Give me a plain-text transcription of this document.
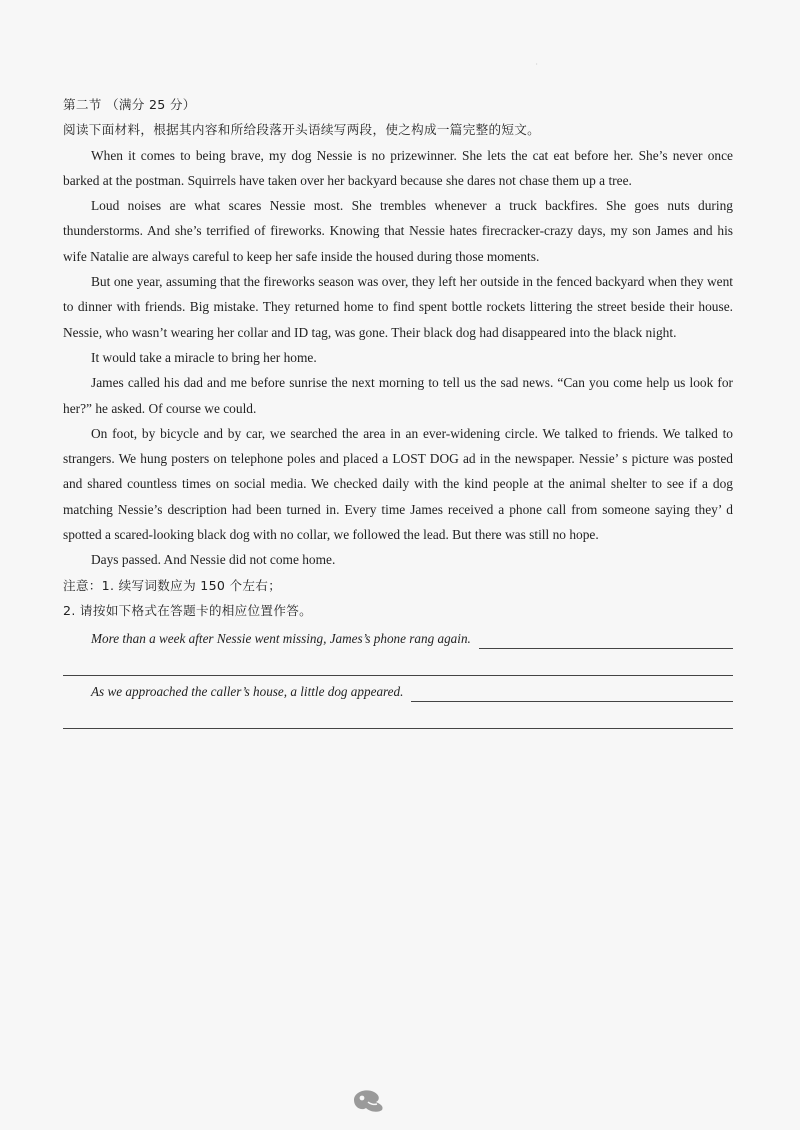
·

第二节 （满分 25 分）

阅读下面材料，根据其内容和所给段落开头语续写两段，使之构成一篇完整的短文。

When it comes to being brave, my dog Nessie is no prizewinner. She lets the cat eat before her. She’s never once barked at the postman. Squirrels have taken over her backyard because she dares not chase them up a tree.

Loud noises are what scares Nessie most. She trembles whenever a truck backfires. She goes nuts during thunderstorms. And she’s terrified of fireworks. Knowing that Nessie hates firecracker-crazy days, my son James and his wife Natalie are always careful to keep her safe inside the housed during those moments.

But one year, assuming that the fireworks season was over, they left her outside in the fenced backyard when they went to dinner with friends. Big mistake. They returned home to find spent bottle rockets littering the street beside their house. Nessie, who wasn’t wearing her collar and ID tag, was gone. Their black dog had disappeared into the black night.

It would take a miracle to bring her home.

James called his dad and me before sunrise the next morning to tell us the sad news. “Can you come help us look for her?” he asked. Of course we could.

On foot, by bicycle and by car, we searched the area in an ever-widening circle. We talked to friends. We talked to strangers. We hung posters on telephone poles and placed a LOST DOG ad in the newspaper. Nessie’ s picture was posted and shared countless times on social media. We checked daily with the kind people at the animal shelter to see if a dog matching Nessie’s description had been turned in. Every time James received a phone call from someone saying they’ d spotted a scared-looking black dog with no collar, we followed the lead. But there was still no hope.

Days passed. And Nessie did not come home.

注意：1. 续写词数应为 150 个左右；

2. 请按如下格式在答题卡的相应位置作答。

More than a week after Nessie went missing, James’s phone rang again.
As we approached the caller’s house, a little dog appeared.
